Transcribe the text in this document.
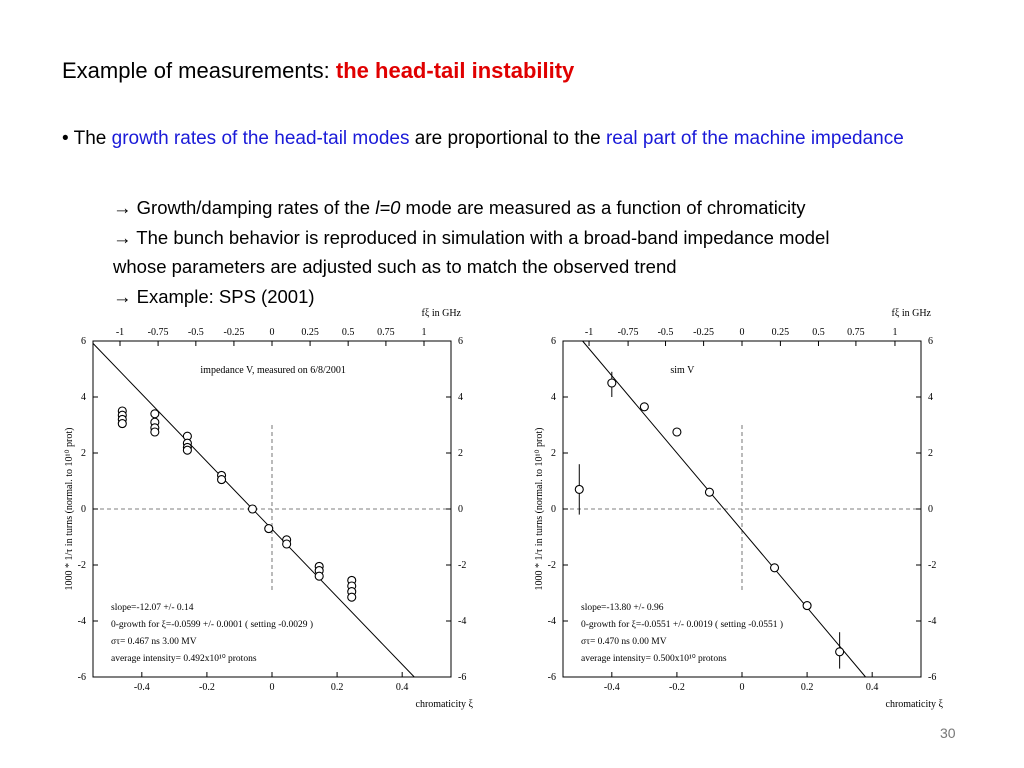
Example of measurements: the head-tail instability
• The growth rates of the head-tail modes are proportional to the real part of the machine impedance
→ Growth/damping rates of the l=0 mode are measured as a function of chromaticity
→ The bunch behavior is reproduced in simulation with a broad-band impedance model
whose parameters are adjusted such as to match the observed trend
→ Example: SPS (2001)
-6	-6
-4	-4
-2	-2
0	0
2	2
4	4
6	6
-0.4	-0.2	0	0.2	0.4
-1 -0.75 -0.5 -0.25	0	0.25 0.5 0.75	1
fξ in GHz
chromaticity ξ
1000 * 1/τ in turns (normal. to 10¹⁰ prot)
impedance V, measured on 6/8/2001
slope=-12.07 +/- 0.14
0-growth for ξ=-0.0599 +/- 0.0001 ( setting -0.0029 )
στ= 0.467 ns 3.00 MV
average intensity= 0.492x10¹⁰ protons
-6	-6
-4	-4
-2	-2
0	0
2	2
4	4
6	6
-0.4	-0.2	0	0.2	0.4
-1 -0.75 -0.5 -0.25	0	0.25 0.5 0.75	1
fξ in GHz
chromaticity ξ
1000 * 1/τ in turns (normal. to 10¹⁰ prot)
sim V
slope=-13.80 +/- 0.96
0-growth for ξ=-0.0551 +/- 0.0019 ( setting -0.0551 )
στ= 0.470 ns 0.00 MV
average intensity= 0.500x10¹⁰ protons
30
